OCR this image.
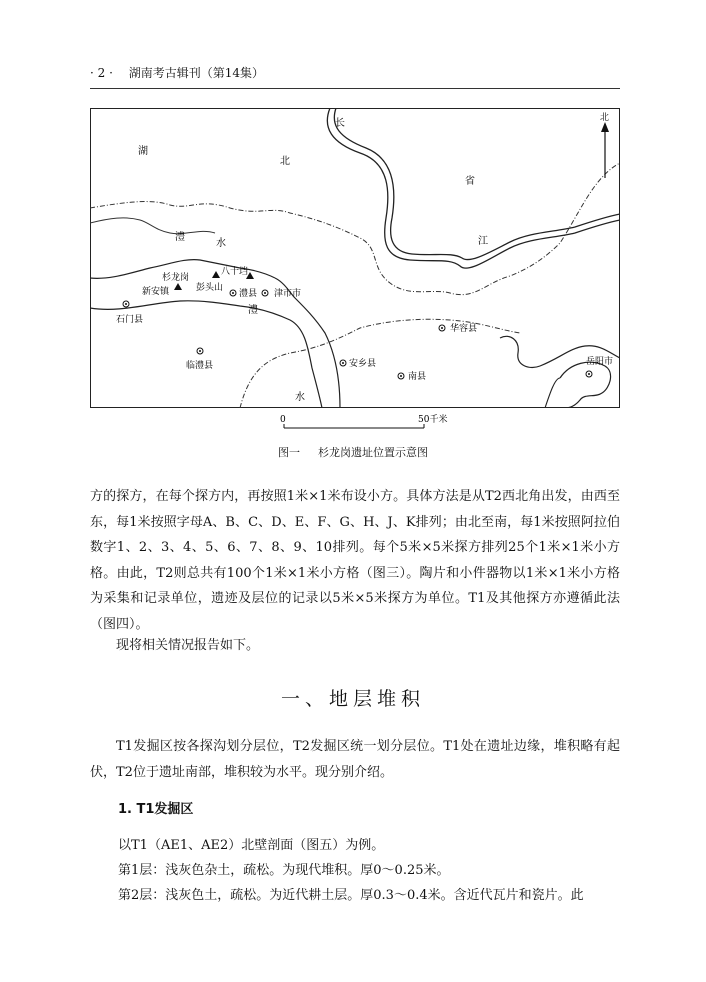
· 2 · 湖南考古辑刊（第14集）
北
湖
北
省
长
江
澧
水
澧
水
杉龙岗
八十垱
彭头山
新安镇
石门县
澧县 津市市
临澧县	安乡县
南县
华容县
岳阳市
0	50千米
图一 杉龙岗遗址位置示意图

方的探方，在每个探方内，再按照1米×1米布设小方。具体方法是从T2西北角出发，由西至东，每1米按照字母A、B、C、D、E、F、G、H、J、K排列；由北至南，每1米按照阿拉伯数字1、2、3、4、5、6、7、8、9、10排列。每个5米×5米探方排列25个1米×1米小方格。由此，T2则总共有100个1米×1米小方格（图三）。陶片和小件器物以1米×1米小方格为采集和记录单位，遗迹及层位的记录以5米×5米探方为单位。T1及其他探方亦遵循此法（图四）。

现将相关情况报告如下。

一、地层堆积

T1发掘区按各探沟划分层位，T2发掘区统一划分层位。T1处在遗址边缘，堆积略有起伏，T2位于遗址南部，堆积较为水平。现分别介绍。

1. T1发掘区
以T1（AE1、AE2）北壁剖面（图五）为例。
第1层：浅灰色杂土，疏松。为现代堆积。厚0～0.25米。
第2层：浅灰色土，疏松。为近代耕土层。厚0.3～0.4米。含近代瓦片和瓷片。此
